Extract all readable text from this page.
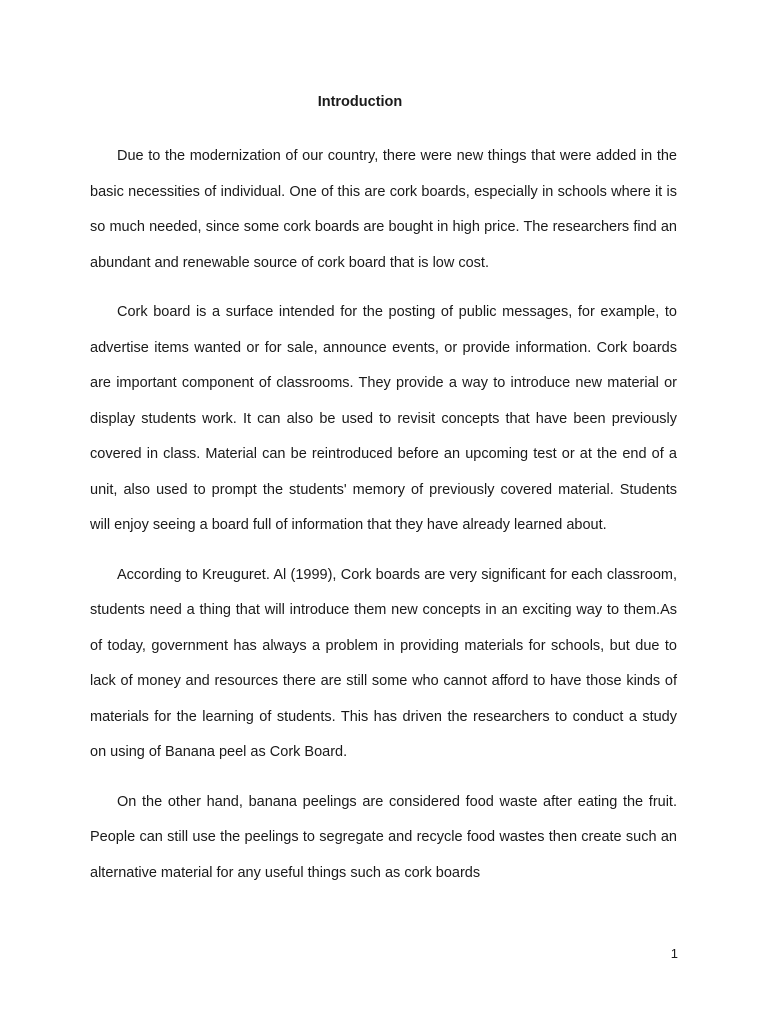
Introduction

Due to the modernization of our country, there were new things that were added in the basic necessities of individual. One of this are cork boards, especially in schools where it is so much needed, since some cork boards are bought in high price. The researchers find an abundant and renewable source of cork board that is low cost.

Cork board is a surface intended for the posting of public messages, for example, to advertise items wanted or for sale, announce events, or provide information. Cork boards are important component of classrooms. They provide a way to introduce new material or display students work. It can also be used to revisit concepts that have been previously covered in class. Material can be reintroduced before an upcoming test or at the end of a unit, also used to prompt the students' memory of previously covered material. Students will enjoy seeing a board full of information that they have already learned about.

According to Kreuguret. Al (1999), Cork boards are very significant for each classroom, students need a thing that will introduce them new concepts in an exciting way to them.As of today, government has always a problem in providing materials for schools, but due to lack of money and resources there are still some who cannot afford to have those kinds of materials for the learning of students. This has driven the researchers to conduct a study on using of Banana peel as Cork Board.

On the other hand, banana peelings are considered food waste after eating the fruit. People can still use the peelings to segregate and recycle food wastes then create such an alternative material for any useful things such as cork boards

1
